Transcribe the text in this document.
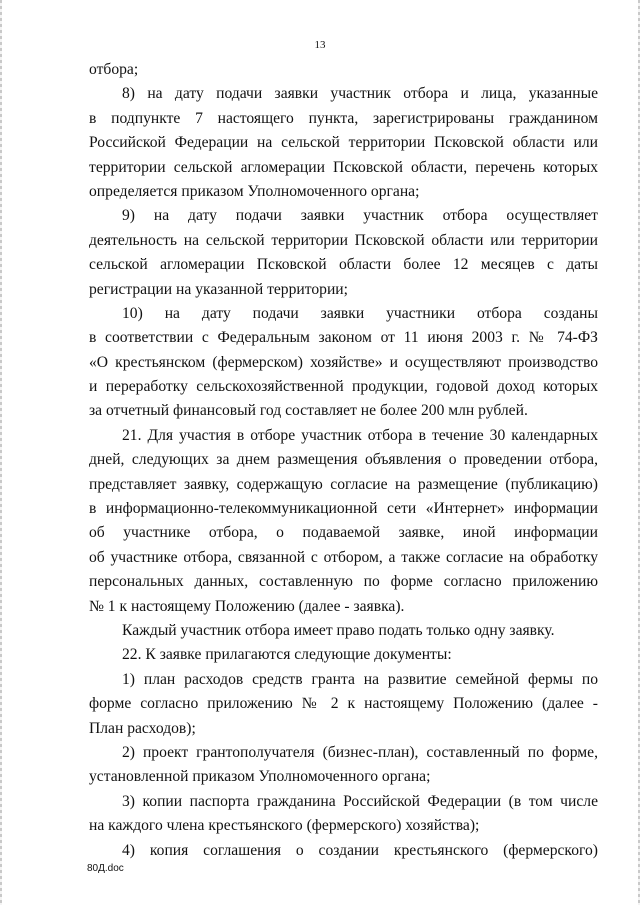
13
отбора;
8) на дату подачи заявки участник отбора и лица, указанные
в подпункте 7 настоящего пункта, зарегистрированы гражданином
Российской Федерации на сельской территории Псковской области или
территории сельской агломерации Псковской области, перечень которых
определяется приказом Уполномоченного органа;
9) на дату подачи заявки участник отбора осуществляет
деятельность на сельской территории Псковской области или территории
сельской агломерации Псковской области более 12 месяцев с даты
регистрации на указанной территории;
10) на дату подачи заявки участники отбора созданы
в соответствии с Федеральным законом от 11 июня 2003 г. № 74-ФЗ
«О крестьянском (фермерском) хозяйстве» и осуществляют производство
и переработку сельскохозяйственной продукции, годовой доход которых
за отчетный финансовый год составляет не более 200 млн рублей.
21. Для участия в отборе участник отбора в течение 30 календарных
дней, следующих за днем размещения объявления о проведении отбора,
представляет заявку, содержащую согласие на размещение (публикацию)
в информационно-телекоммуникационной сети «Интернет» информации
об участнике отбора, о подаваемой заявке, иной информации
об участнике отбора, связанной с отбором, а также согласие на обработку
персональных данных, составленную по форме согласно приложению
№ 1 к настоящему Положению (далее - заявка).
Каждый участник отбора имеет право подать только одну заявку.
22. К заявке прилагаются следующие документы:
1) план расходов средств гранта на развитие семейной фермы по
форме согласно приложению № 2 к настоящему Положению (далее -
План расходов);
2) проект грантополучателя (бизнес-план), составленный по форме,
установленной приказом Уполномоченного органа;
3) копии паспорта гражданина Российской Федерации (в том числе
на каждого члена крестьянского (фермерского) хозяйства);
4) копия соглашения о создании крестьянского (фермерского)
80Д.doc
